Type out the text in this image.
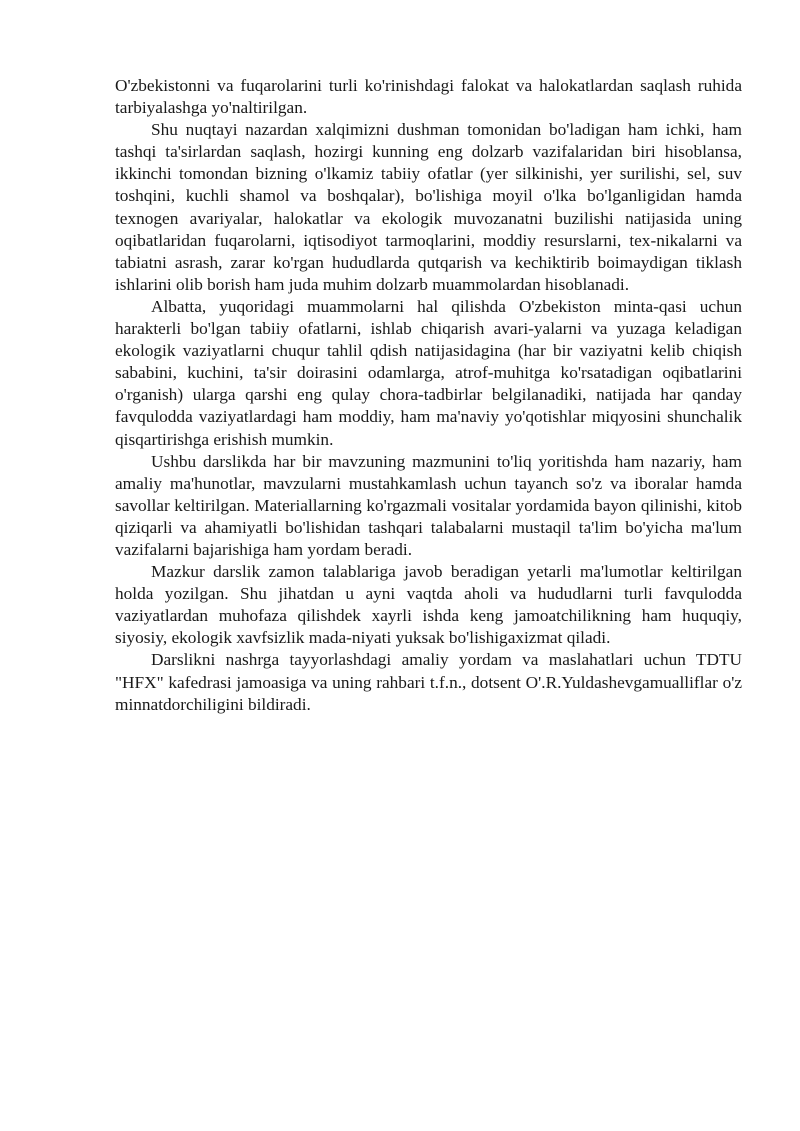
O'zbekistonni va fuqarolarini turli ko'rinishdagi falokat va halokatlardan saqlash ruhida tarbiyalashga yo'naltirilgan.

Shu nuqtayi nazardan xalqimizni dushman tomonidan bo'ladigan ham ichki, ham tashqi ta'sirlardan saqlash, hozirgi kunning eng dolzarb vazifalaridan biri hisoblansa, ikkinchi tomondan bizning o'lkamiz tabiiy ofatlar (yer silkinishi, yer surilishi, sel, suv toshqini, kuchli shamol va boshqalar), bo'lishiga moyil o'lka bo'lganligidan hamda texnogen avariyalar, halokatlar va ekologik muvozanatni buzilishi natijasida uning oqibatlaridan fuqarolarni, iqtisodiyot tarmoqlarini, moddiy resurslarni, tex-nikalarni va tabiatni asrash, zarar ko'rgan hududlarda qutqarish va kechiktirib boimaydigan tiklash ishlarini olib borish ham juda muhim dolzarb muammolardan hisoblanadi.

Albatta, yuqoridagi muammolarni hal qilishda O'zbekiston minta-qasi uchun harakterli bo'lgan tabiiy ofatlarni, ishlab chiqarish avari-yalarni va yuzaga keladigan ekologik vaziyatlarni chuqur tahlil qdish natijasidagina (har bir vaziyatni kelib chiqish sababini, kuchini, ta'sir doirasini odamlarga, atrof-muhitga ko'rsatadigan oqibatlarini o'rganish) ularga qarshi eng qulay chora-tadbirlar belgilanadiki, natijada har qanday favqulodda vaziyatlardagi ham moddiy, ham ma'naviy yo'qotishlar miqyosini shunchalik qisqartirishga erishish mumkin.

Ushbu darslikda har bir mavzuning mazmunini to'liq yoritishda ham nazariy, ham amaliy ma'hunotlar, mavzularni mustahkamlash uchun tayanch so'z va iboralar hamda savollar keltirilgan. Materiallarning ko'rgazmali vositalar yordamida bayon qilinishi, kitob qiziqarli va ahamiyatli bo'lishidan tashqari talabalarni mustaqil ta'lim bo'yicha ma'lum vazifalarni bajarishiga ham yordam beradi.

Mazkur darslik zamon talablariga javob beradigan yetarli ma'lumotlar keltirilgan holda yozilgan. Shu jihatdan u ayni vaqtda aholi va hududlarni turli favqulodda vaziyatlardan muhofaza qilishdek xayrli ishda keng jamoatchilikning ham huquqiy, siyosiy, ekologik xavfsizlik mada-niyati yuksak bo'lishigaxizmat qiladi.

Darslikni nashrga tayyorlashdagi amaliy yordam va maslahatlari uchun TDTU "HFX" kafedrasi jamoasiga va uning rahbari t.f.n., dotsent O'.R.Yuldashevgamualliflar o'z minnatdorchiligini bildiradi.
